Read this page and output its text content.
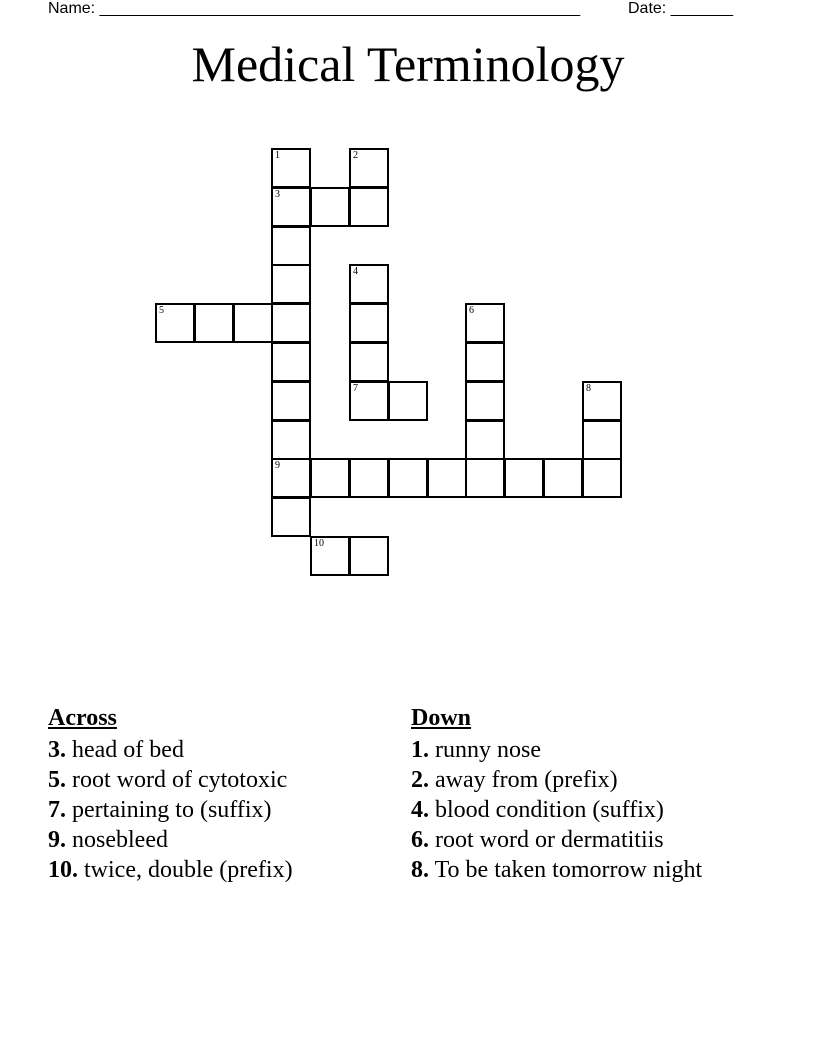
Name: ______________________________________________________	Date: _______
Medical Terminology
1	2
3
4
5	6
7	8
9
10
Across
3. head of bed
5. root word of cytotoxic
7. pertaining to (suffix)
9. nosebleed
10. twice, double (prefix)
Down
1. runny nose
2. away from (prefix)
4. blood condition (suffix)
6. root word or dermatitiis
8. To be taken tomorrow night
